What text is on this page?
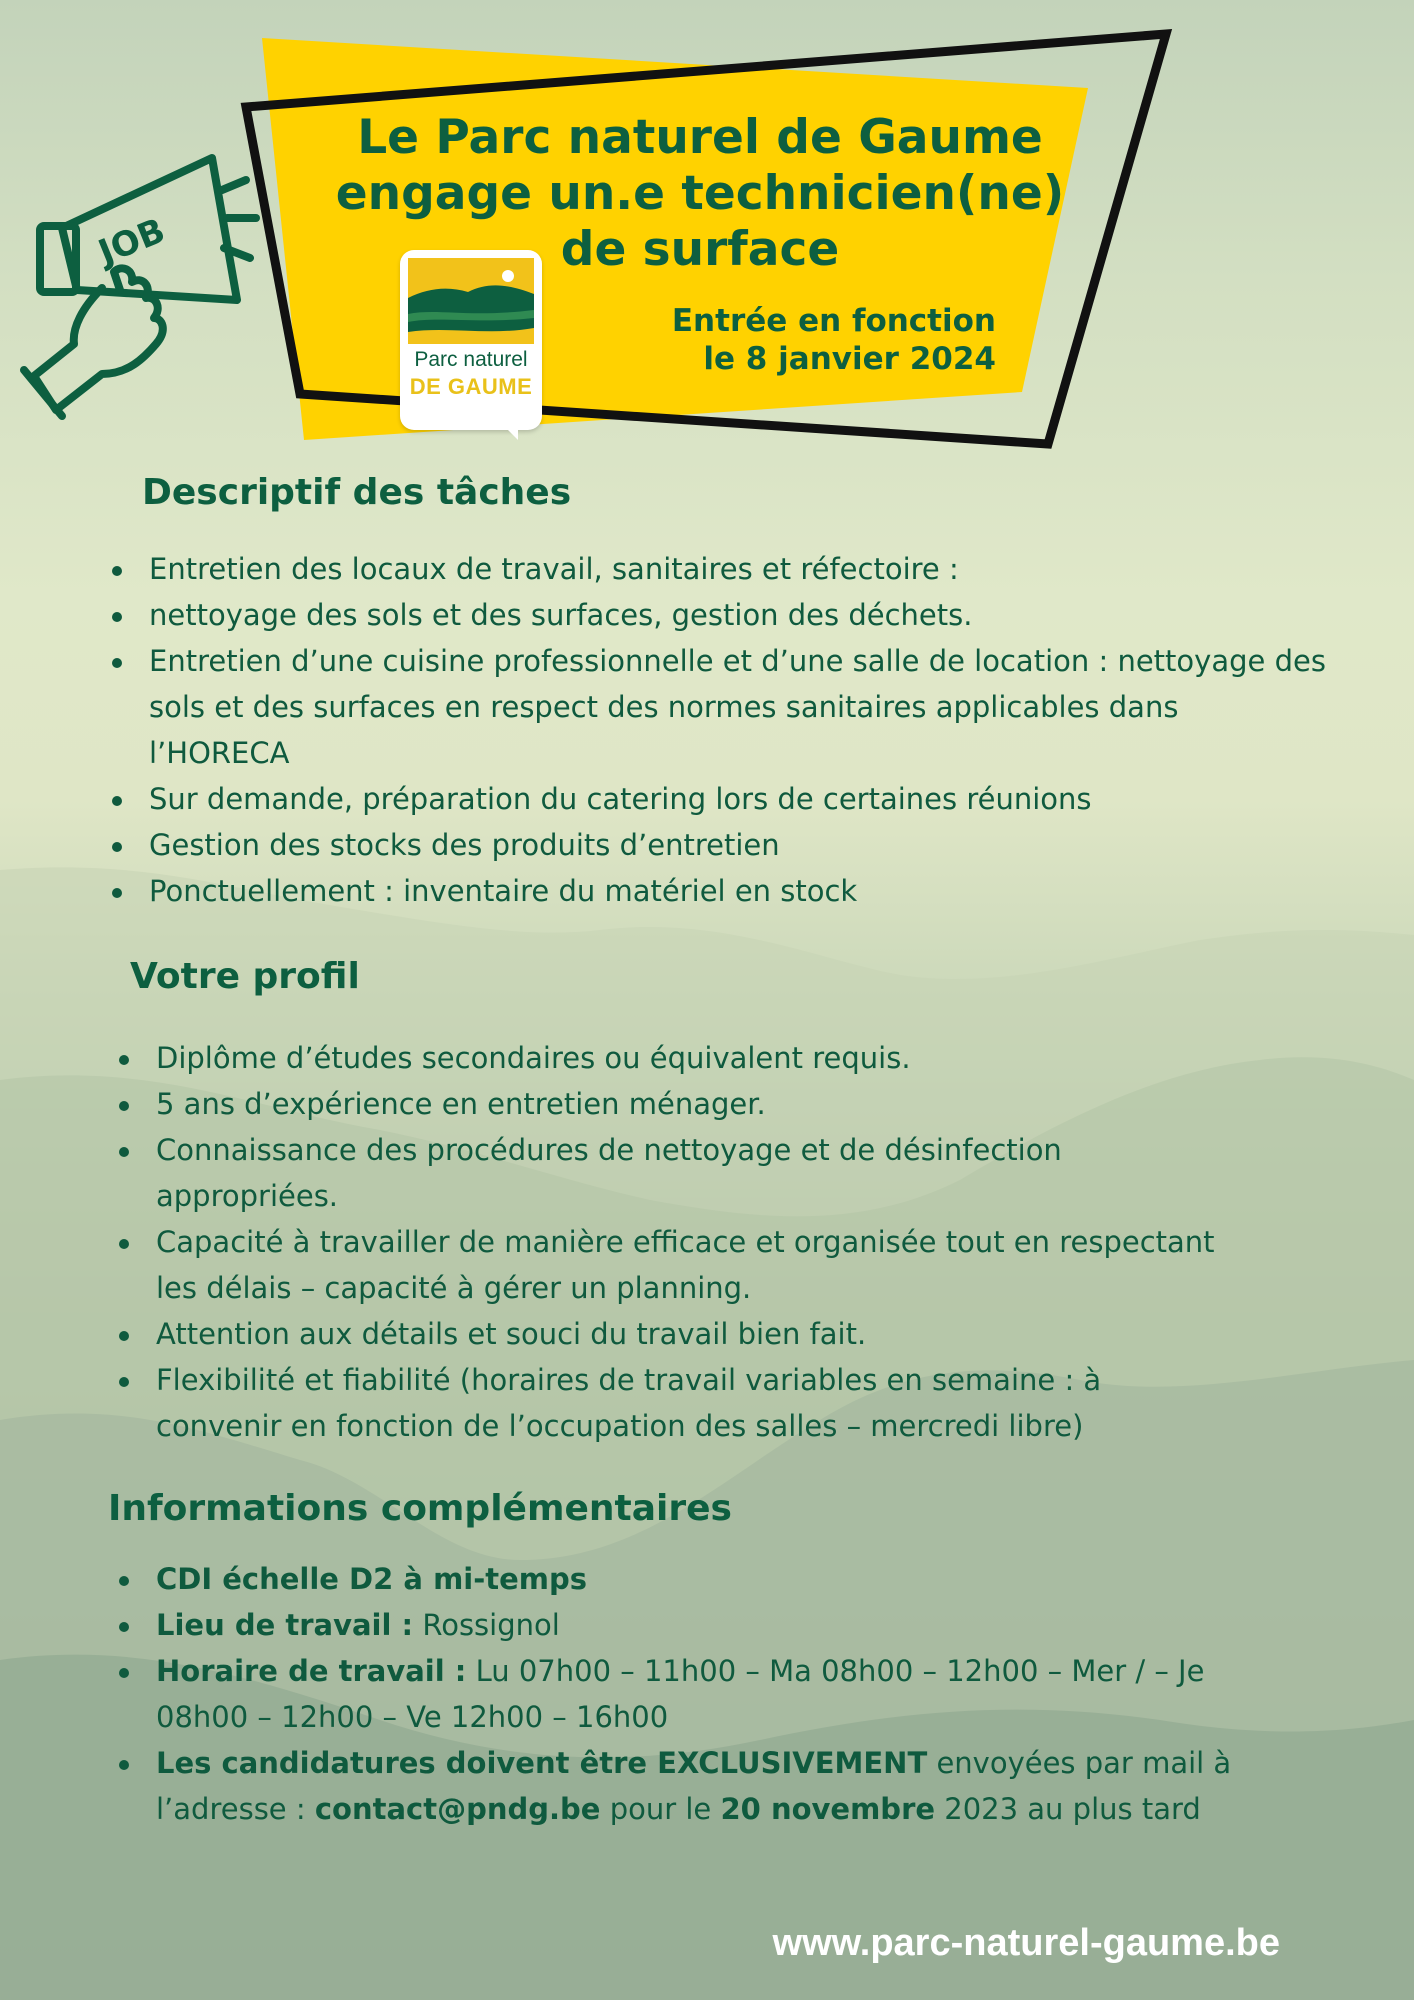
Le Parc naturel de Gaume
engage un.e technicien(ne)
de surface
Entrée en fonction
le 8 janvier 2024
Parc naturel
DE GAUME
JOB
Descriptif des tâches
Entretien des locaux de travail, sanitaires et réfectoire :
nettoyage des sols et des surfaces, gestion des déchets.
Entretien d’une cuisine professionnelle et d’une salle de location : nettoyage des sols et des surfaces en respect des normes sanitaires applicables dans l’HORECA
Sur demande, préparation du catering lors de certaines réunions
Gestion des stocks des produits d’entretien
Ponctuellement : inventaire du matériel en stock
Votre profil
Diplôme d’études secondaires ou équivalent requis.
5 ans d’expérience en entretien ménager.
Connaissance des procédures de nettoyage et de désinfection appropriées.
Capacité à travailler de manière efficace et organisée tout en respectant les délais – capacité à gérer un planning.
Attention aux détails et souci du travail bien fait.
Flexibilité et fiabilité (horaires de travail variables en semaine : à convenir en fonction de l’occupation des salles – mercredi libre)
Informations complémentaires
CDI échelle D2 à mi-temps
Lieu de travail : Rossignol
Horaire de travail : Lu 07h00 – 11h00 – Ma 08h00 – 12h00 – Mer / – Je 08h00 – 12h00 – Ve 12h00 – 16h00
Les candidatures doivent être EXCLUSIVEMENT envoyées par mail à l’adresse : contact@pndg.be pour le 20 novembre 2023 au plus tard
www.parc-naturel-gaume.be
